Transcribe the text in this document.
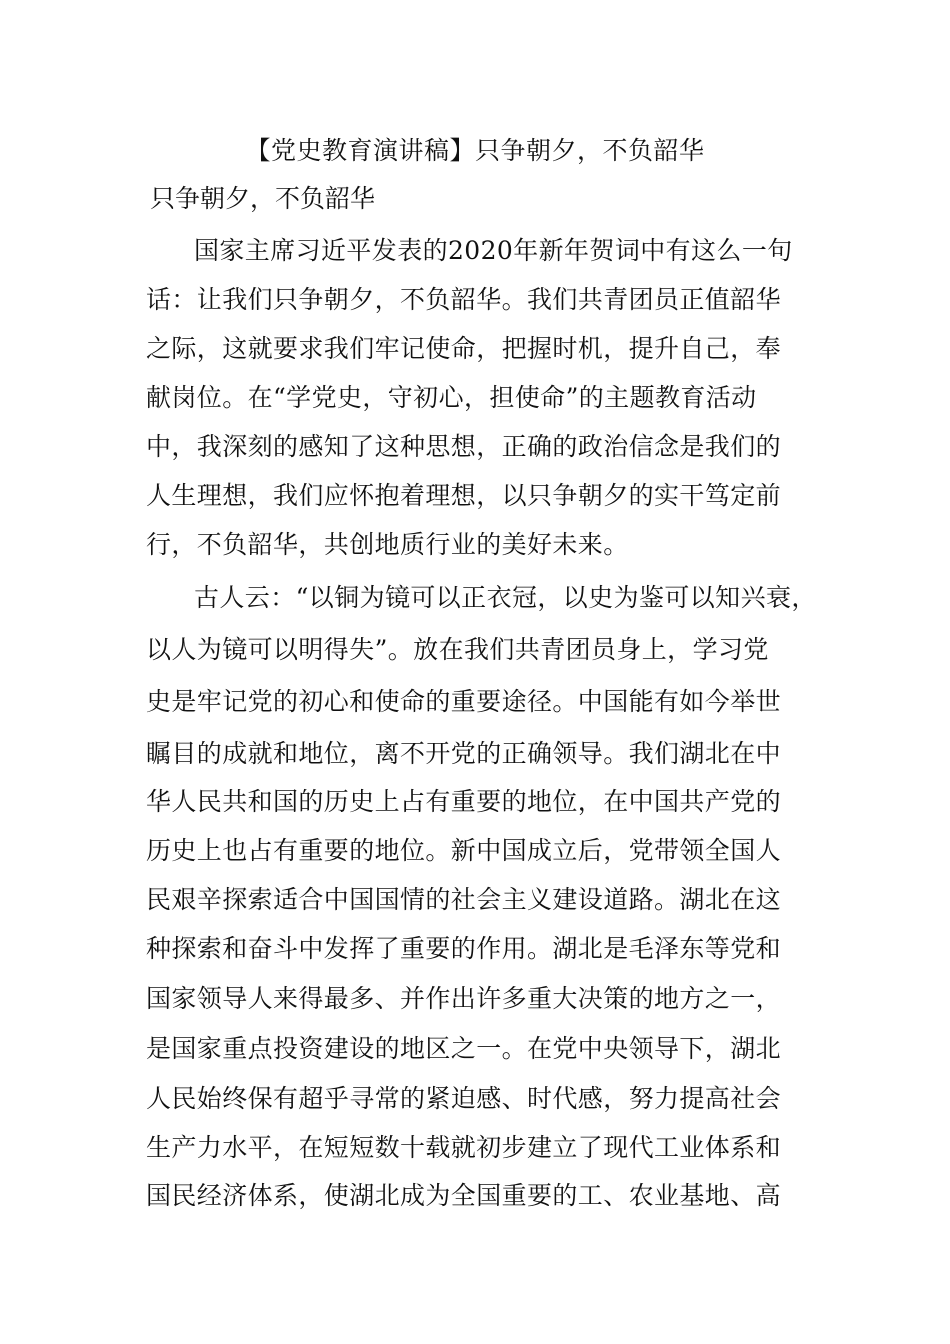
【党史教育演讲稿】只争朝夕，不负韶华
只争朝夕，不负韶华
国家主席习近平发表的2020年新年贺词中有这么一句
话：让我们只争朝夕，不负韶华。我们共青团员正值韶华
之际，这就要求我们牢记使命，把握时机，提升自己，奉
献岗位。在“学党史，守初心，担使命”的主题教育活动
中，我深刻的感知了这种思想，正确的政治信念是我们的
人生理想，我们应怀抱着理想，以只争朝夕的实干笃定前
行，不负韶华，共创地质行业的美好未来。
古人云：“以铜为镜可以正衣冠，以史为鉴可以知兴衰，
以人为镜可以明得失”。放在我们共青团员身上，学习党
史是牢记党的初心和使命的重要途径。中国能有如今举世
瞩目的成就和地位，离不开党的正确领导。我们湖北在中
华人民共和国的历史上占有重要的地位，在中国共产党的
历史上也占有重要的地位。新中国成立后，党带领全国人
民艰辛探索适合中国国情的社会主义建设道路。湖北在这
种探索和奋斗中发挥了重要的作用。湖北是毛泽东等党和
国家领导人来得最多、并作出许多重大决策的地方之一，
是国家重点投资建设的地区之一。在党中央领导下，湖北
人民始终保有超乎寻常的紧迫感、时代感，努力提高社会
生产力水平，在短短数十载就初步建立了现代工业体系和
国民经济体系，使湖北成为全国重要的工、农业基地、高
